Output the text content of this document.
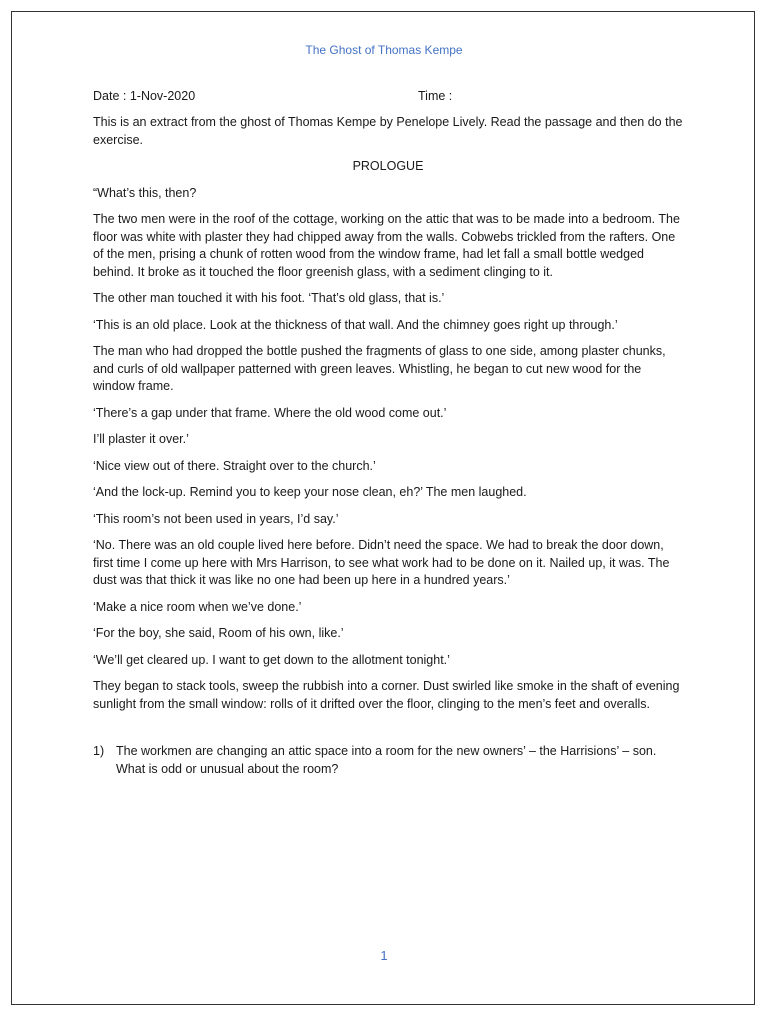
The Ghost of Thomas Kempe
Date : 1-Nov-2020	Time :

This is an extract from the ghost of Thomas Kempe by Penelope Lively. Read the passage and then do the exercise.

PROLOGUE

“What’s this, then?

The two men were in the roof of the cottage, working on the attic that was to be made into a bedroom. The floor was white with plaster they had chipped away from the walls. Cobwebs trickled from the rafters. One of the men, prising a chunk of rotten wood from the window frame, had let fall a small bottle wedged behind. It broke as it touched the floor greenish glass, with a sediment clinging to it.

The other man touched it with his foot. ‘That’s old glass, that is.’

‘This is an old place. Look at the thickness of that wall. And the chimney goes right up through.’

The man who had dropped the bottle pushed the fragments of glass to one side, among plaster chunks, and curls of old wallpaper patterned with green leaves. Whistling, he began to cut new wood for the window frame.

‘There’s a gap under that frame. Where the old wood come out.’

I’ll plaster it over.’

‘Nice view out of there. Straight over to the church.’

‘And the lock-up. Remind you to keep your nose clean, eh?’ The men laughed.

‘This room’s not been used in years, I’d say.’

‘No. There was an old couple lived here before. Didn’t need the space. We had to break the door down, first time I come up here with Mrs Harrison, to see what work had to be done on it. Nailed up, it was. The dust was that thick it was like no one had been up here in a hundred years.’

‘Make a nice room when we’ve done.’

‘For the boy, she said, Room of his own, like.’

‘We’ll get cleared up. I want to get down to the allotment tonight.’

They began to stack tools, sweep the rubbish into a corner. Dust swirled like smoke in the shaft of evening sunlight from the small window: rolls of it drifted over the floor, clinging to the men’s feet and overalls.

1) The workmen are changing an attic space into a room for the new owners’ – the Harrisions’ – son. What is odd or unusual about the room?
1
